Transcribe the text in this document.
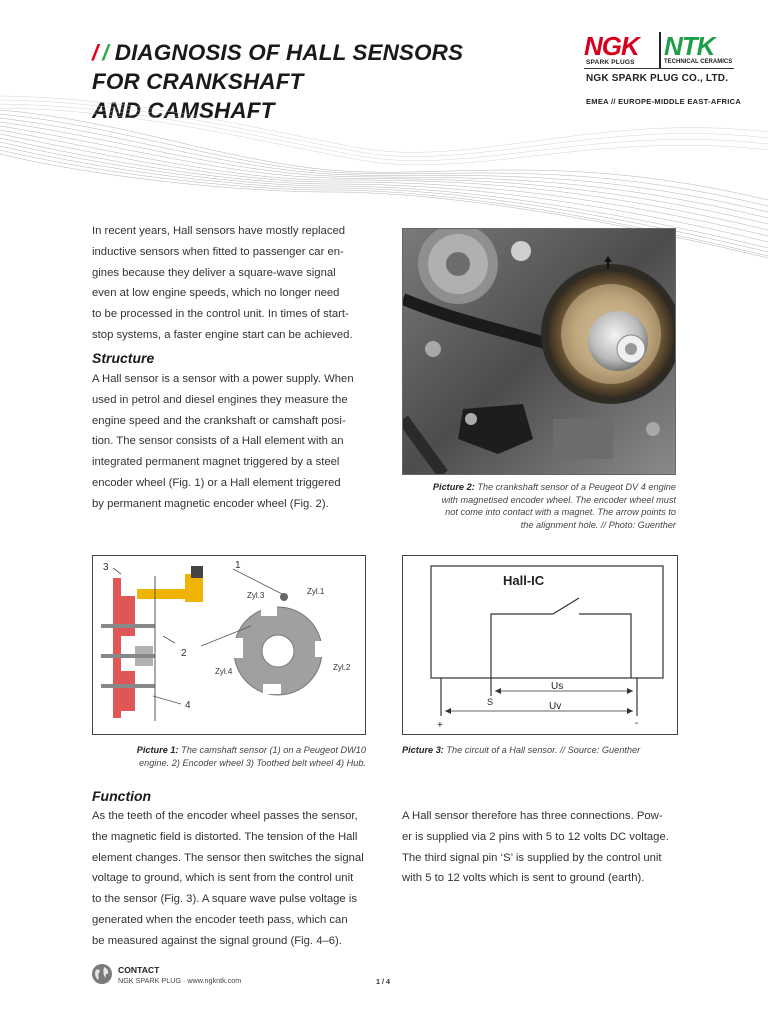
/ / DIAGNOSIS OF HALL SENSORS
FOR CRANKSHAFT
AND CAMSHAFT
NGK NTK
SPARK PLUGS	TECHNICAL CERAMICS
NGK SPARK PLUG CO., LTD.
EMEA // EUROPE-MIDDLE EAST-AFRICA
In recent years, Hall sensors have mostly replaced
inductive sensors when fitted to passenger car en-
gines because they deliver a square-wave signal
even at low engine speeds, which no longer need
to be processed in the control unit. In times of start-
stop systems, a faster engine start can be achieved.
Structure
A Hall sensor is a sensor with a power supply. When
used in petrol and diesel engines they measure the
engine speed and the crankshaft or camshaft posi-
tion. The sensor consists of a Hall element with an
integrated permanent magnet triggered by a steel
encoder wheel (Fig. 1) or a Hall element triggered
by permanent magnetic encoder wheel (Fig. 2).
Picture 2: The crankshaft sensor of a Peugeot DV 4 engine
with magnetised encoder wheel. The encoder wheel must
not come into contact with a magnet. The arrow points to
the alignment hole. // Photo: Guenther
3	1
2
4
Zyl.3	Zyl.1
Zyl.4	Zyl.2
Picture 1: The camshaft sensor (1) on a Peugeot DW10
engine. 2) Encoder wheel 3) Toothed belt wheel 4) Hub.
Hall-IC
Us
Uv
S
+	-
Picture 3: The circuit of a Hall sensor. // Source: Guenther
Function
As the teeth of the encoder wheel passes the sensor,
the magnetic field is distorted. The tension of the Hall
element changes. The sensor then switches the signal
voltage to ground, which is sent from the control unit
to the sensor (Fig. 3). A square wave pulse voltage is
generated when the encoder teeth pass, which can
be measured against the signal ground (Fig. 4–6).
A Hall sensor therefore has three connections. Pow-
er is supplied via 2 pins with 5 to 12 volts DC voltage.
The third signal pin ‘S’ is supplied by the control unit
with 5 to 12 volts which is sent to ground (earth).
CONTACT
NGK SPARK PLUG · www.ngkntk.com	1 / 4
